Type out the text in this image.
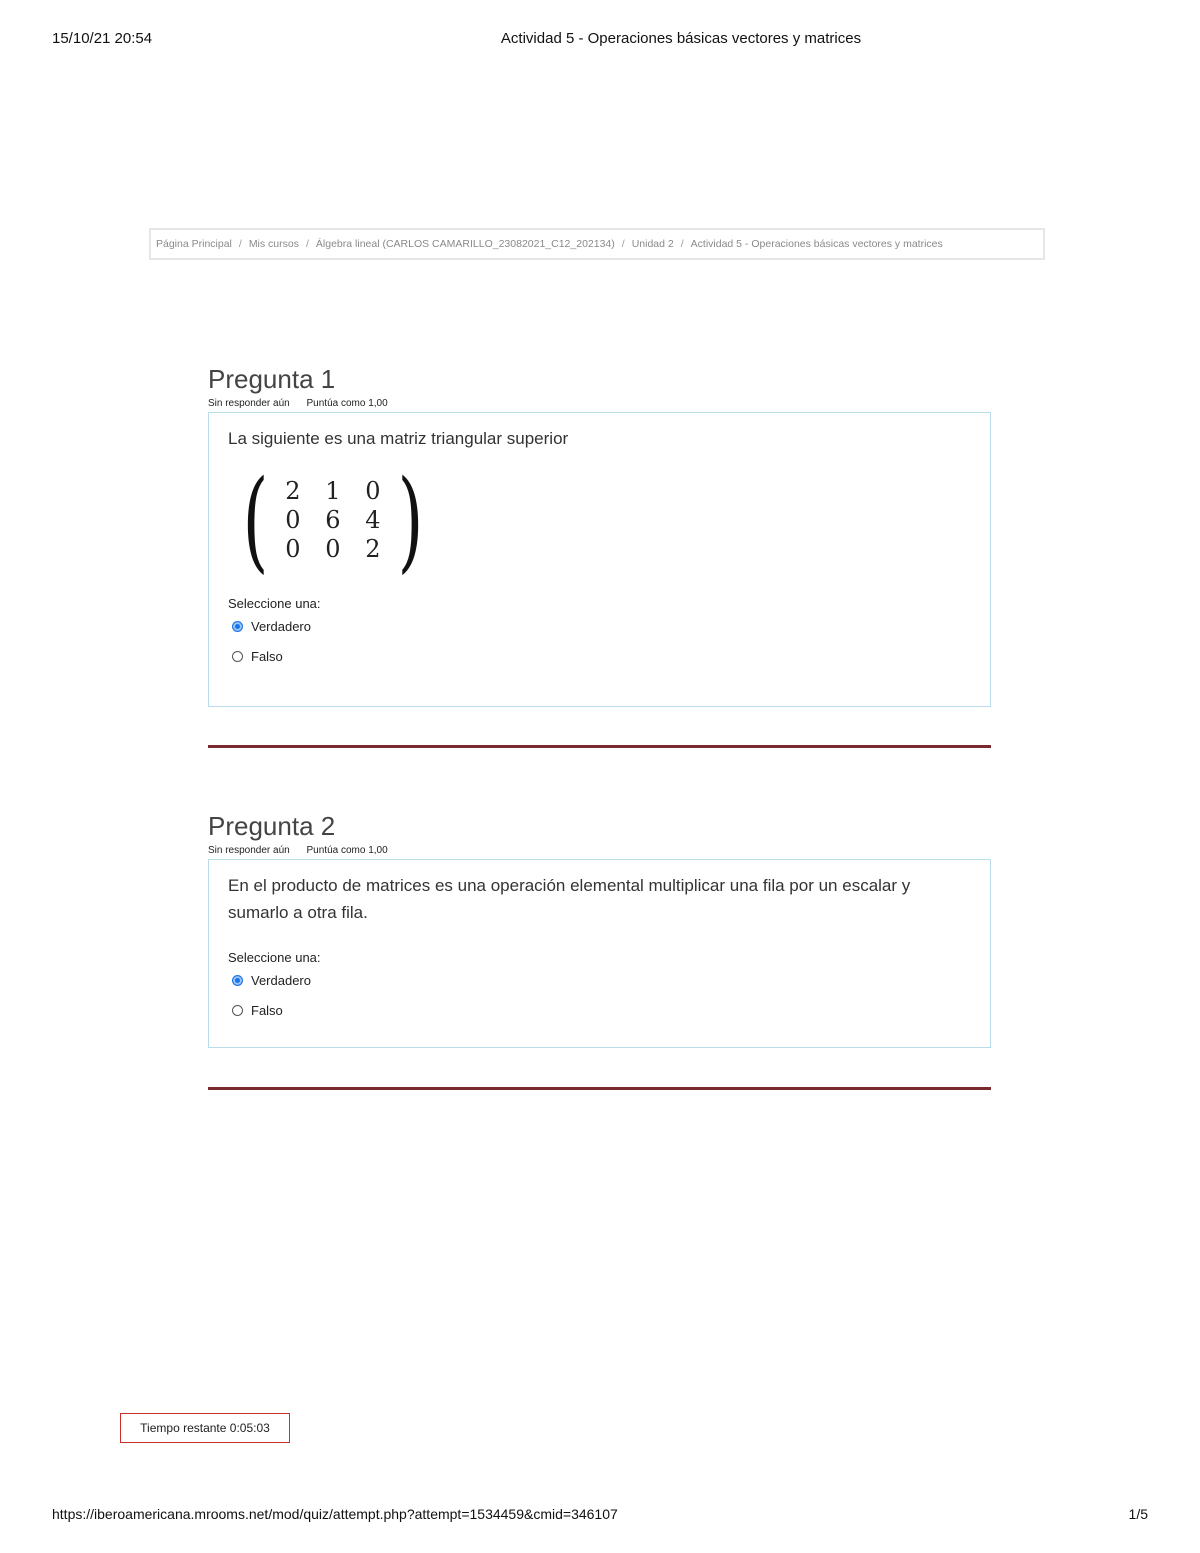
15/10/21 20:54	Actividad 5 - Operaciones básicas vectores y matrices
Página Principal / Mis cursos / Álgebra lineal (CARLOS CAMARILLO_23082021_C12_202134) / Unidad 2 / Actividad 5 - Operaciones básicas vectores y matrices
Pregunta 1
Sin responder aún Puntúa como 1,00
La siguiente es una matriz triangular superior
( 2	1	0
0	6	4
0	0	2 )
Seleccione una:
Verdadero
Falso
Pregunta 2
Sin responder aún Puntúa como 1,00
En el producto de matrices es una operación elemental multiplicar una fila por un escalar y sumarlo a otra fila.
Seleccione una:
Verdadero
Falso
Tiempo restante 0:05:03
https://iberoamericana.mrooms.net/mod/quiz/attempt.php?attempt=1534459&cmid=346107	1/5
